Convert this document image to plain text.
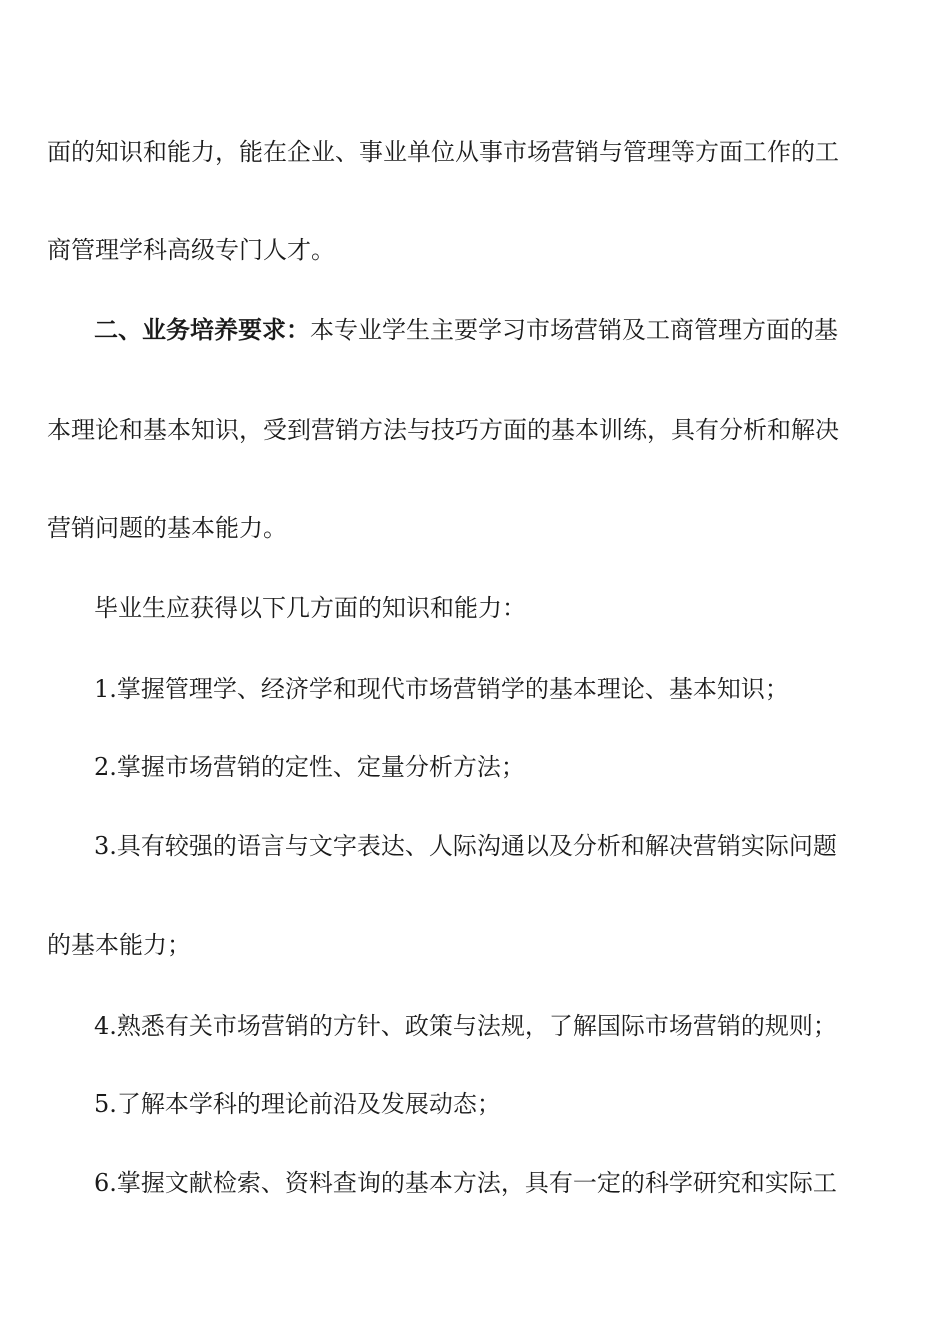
面的知识和能力，能在企业、事业单位从事市场营销与管理等方面工作的工
商管理学科高级专门人才。
二、业务培养要求：本专业学生主要学习市场营销及工商管理方面的基
本理论和基本知识，受到营销方法与技巧方面的基本训练，具有分析和解决
营销问题的基本能力。
毕业生应获得以下几方面的知识和能力：
1.掌握管理学、经济学和现代市场营销学的基本理论、基本知识；
2.掌握市场营销的定性、定量分析方法；
3.具有较强的语言与文字表达、人际沟通以及分析和解决营销实际问题
的基本能力；
4.熟悉有关市场营销的方针、政策与法规，了解国际市场营销的规则；
5.了解本学科的理论前沿及发展动态；
6.掌握文献检索、资料查询的基本方法，具有一定的科学研究和实际工
